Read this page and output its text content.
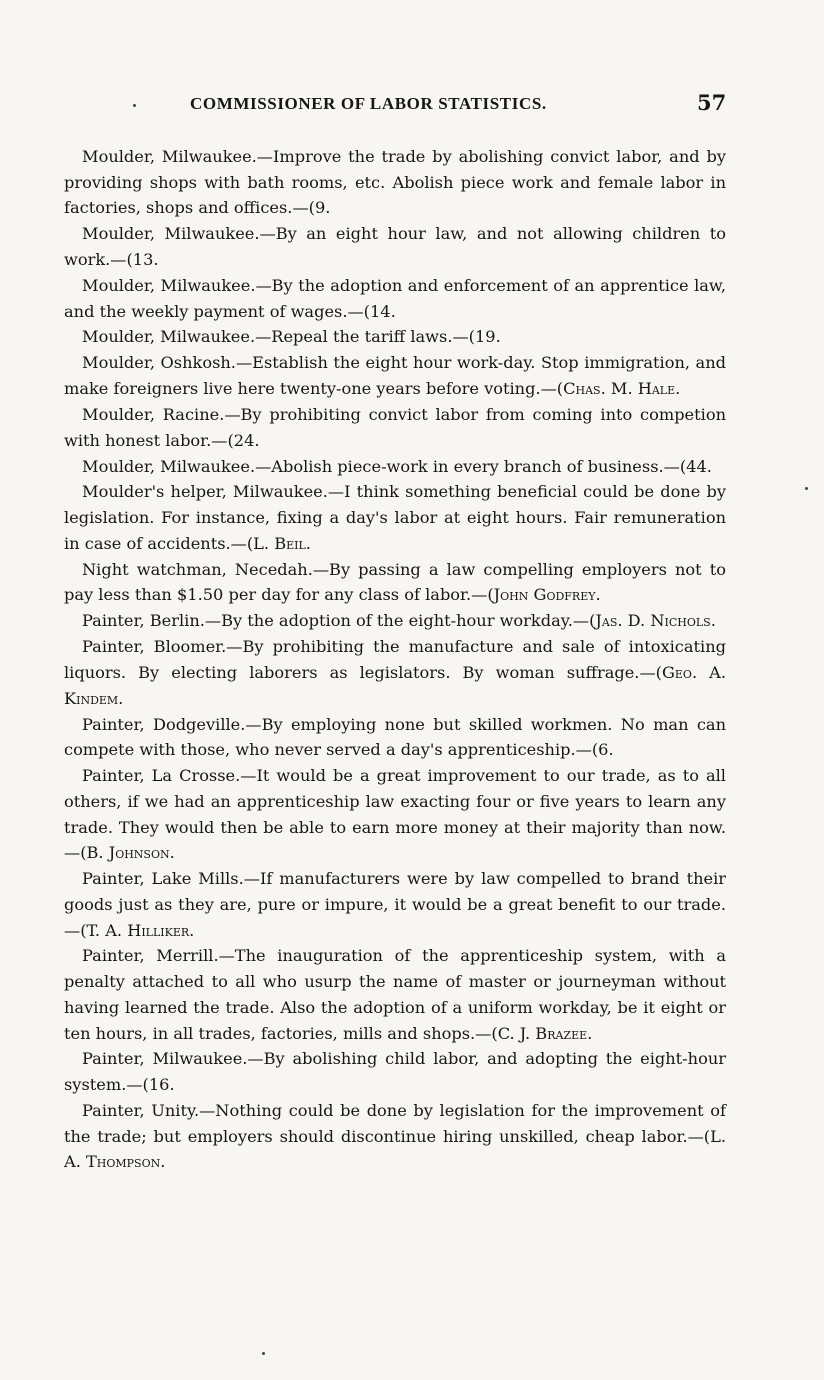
COMMISSIONER OF LABOR STATISTICS.	57

Moulder, Milwaukee.—Improve the trade by abolishing convict labor, and by providing shops with bath rooms, etc. Abolish piece work and female labor in factories, shops and offices.—(9.

Moulder, Milwaukee.—By an eight hour law, and not allowing children to work.—(13.

Moulder, Milwaukee.—By the adoption and enforcement of an apprentice law, and the weekly payment of wages.—(14.

Moulder, Milwaukee.—Repeal the tariff laws.—(19.

Moulder, Oshkosh.—Establish the eight hour work-day. Stop immigration, and make foreigners live here twenty-one years before voting.—(Chas. M. Hale.

Moulder, Racine.—By prohibiting convict labor from coming into competion with honest labor.—(24.

Moulder, Milwaukee.—Abolish piece-work in every branch of business.—(44.

Moulder's helper, Milwaukee.—I think something beneficial could be done by legislation. For instance, fixing a day's labor at eight hours. Fair remuneration in case of accidents.—(L. Beil.

Night watchman, Necedah.—By passing a law compelling employers not to pay less than $1.50 per day for any class of labor.—(John Godfrey.

Painter, Berlin.—By the adoption of the eight-hour workday.—(Jas. D. Nichols.

Painter, Bloomer.—By prohibiting the manufacture and sale of intoxicating liquors. By electing laborers as legislators. By woman suffrage.—(Geo. A. Kindem.

Painter, Dodgeville.—By employing none but skilled workmen. No man can compete with those, who never served a day's apprenticeship.—(6.

Painter, La Crosse.—It would be a great improvement to our trade, as to all others, if we had an apprenticeship law exacting four or five years to learn any trade. They would then be able to earn more money at their majority than now.—(B. Johnson.

Painter, Lake Mills.—If manufacturers were by law compelled to brand their goods just as they are, pure or impure, it would be a great benefit to our trade.—(T. A. Hilliker.

Painter, Merrill.—The inauguration of the apprenticeship system, with a penalty attached to all who usurp the name of master or journeyman without having learned the trade. Also the adoption of a uniform workday, be it eight or ten hours, in all trades, factories, mills and shops.—(C. J. Brazee.

Painter, Milwaukee.—By abolishing child labor, and adopting the eight-hour system.—(16.

Painter, Unity.—Nothing could be done by legislation for the improvement of the trade; but employers should discontinue hiring unskilled, cheap labor.—(L. A. Thompson.
